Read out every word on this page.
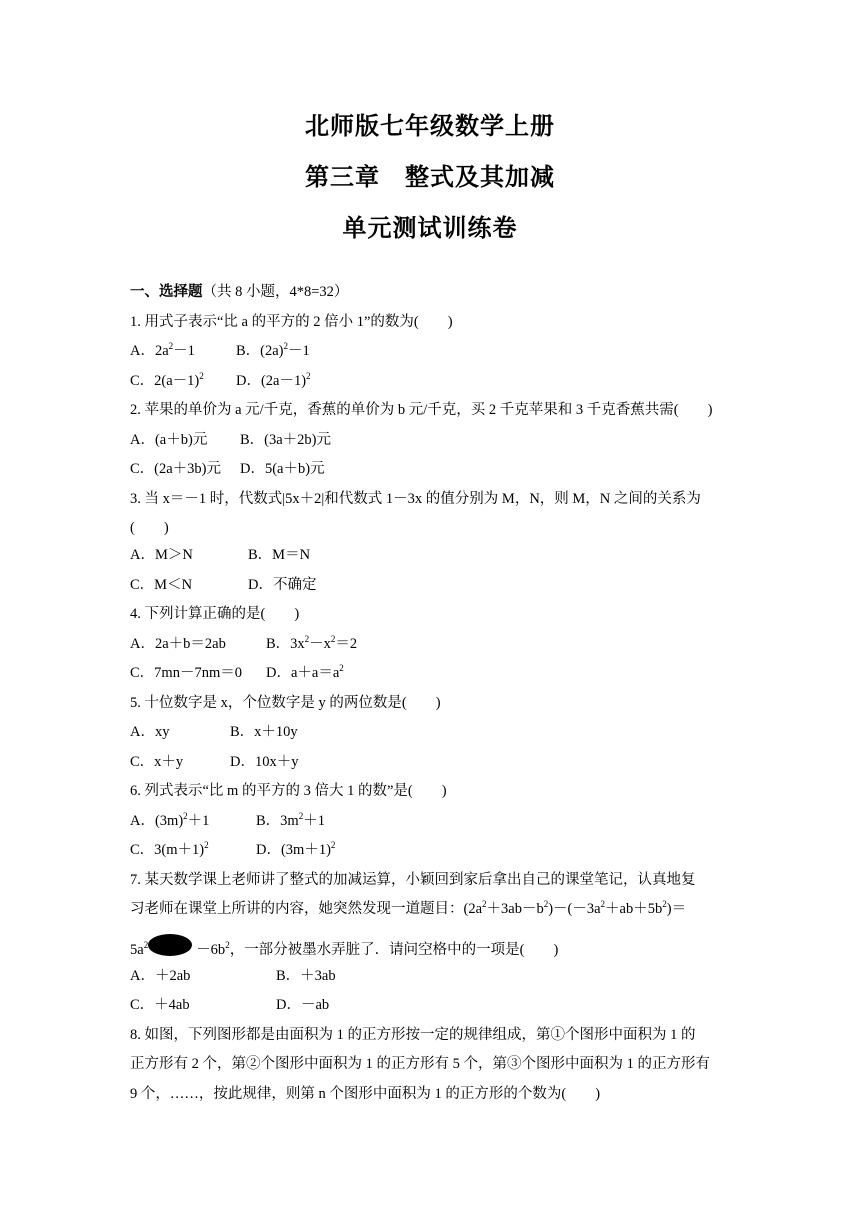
北师版七年级数学上册
第三章　整式及其加减
单元测试训练卷
一、选择题（共 8 小题，4*8=32）
1. 用式子表示“比 a 的平方的 2 倍小 1”的数为(　　)
A．$2a^2-1$	B．$(2a)^2-1$
C．$2(a-1)^2$ D．$(2a-1)^2$
2. 苹果的单价为 a 元/千克，香蕉的单价为 b 元/千克，买 2 千克苹果和 3 千克香蕉共需(　　)
A．(a＋b)元 B．(3a＋2b)元
C．(2a＋3b)元 D．5(a＋b)元
3. 当 x＝－1 时，代数式|5x＋2|和代数式 1－3x 的值分别为 M，N，则 M，N 之间的关系为
(　　)
A．M＞N	B．M＝N
C．M＜N	D．不确定
4. 下列计算正确的是(　　)
A．2a＋b＝2ab	B．$3x^2-x^2=2$
C．7mn－7nm＝0 D．$a+a=a^2$
5. 十位数字是 x，个位数字是 y 的两位数是(　　)
A．xy	B．x＋10y
C．x＋y	D．10x＋y
6. 列式表示“比 m 的平方的 3 倍大 1 的数”是(　　)
A．$(3m)^2+1$	B．$3m^2+1$
C．$3(m+1)^2$	D．$(3m+1)^2$
7. 某天数学课上老师讲了整式的加减运算，小颖回到家后拿出自己的课堂笔记，认真地复
习老师在课堂上所讲的内容，她突然发现一道题目：$(2a^2+3ab-b^2)-(-3a^2+ab+5b^2)=$
$5a^2$	$-6b^2$，一部分被墨水弄脏了．请问空格中的一项是(　　)
A．＋2ab	B．＋3ab
C．＋4ab	D．－ab
8. 如图，下列图形都是由面积为 1 的正方形按一定的规律组成，第①个图形中面积为 1 的
正方形有 2 个，第②个图形中面积为 1 的正方形有 5 个，第③个图形中面积为 1 的正方形有
9 个，……，按此规律，则第 n 个图形中面积为 1 的正方形的个数为(　　)
